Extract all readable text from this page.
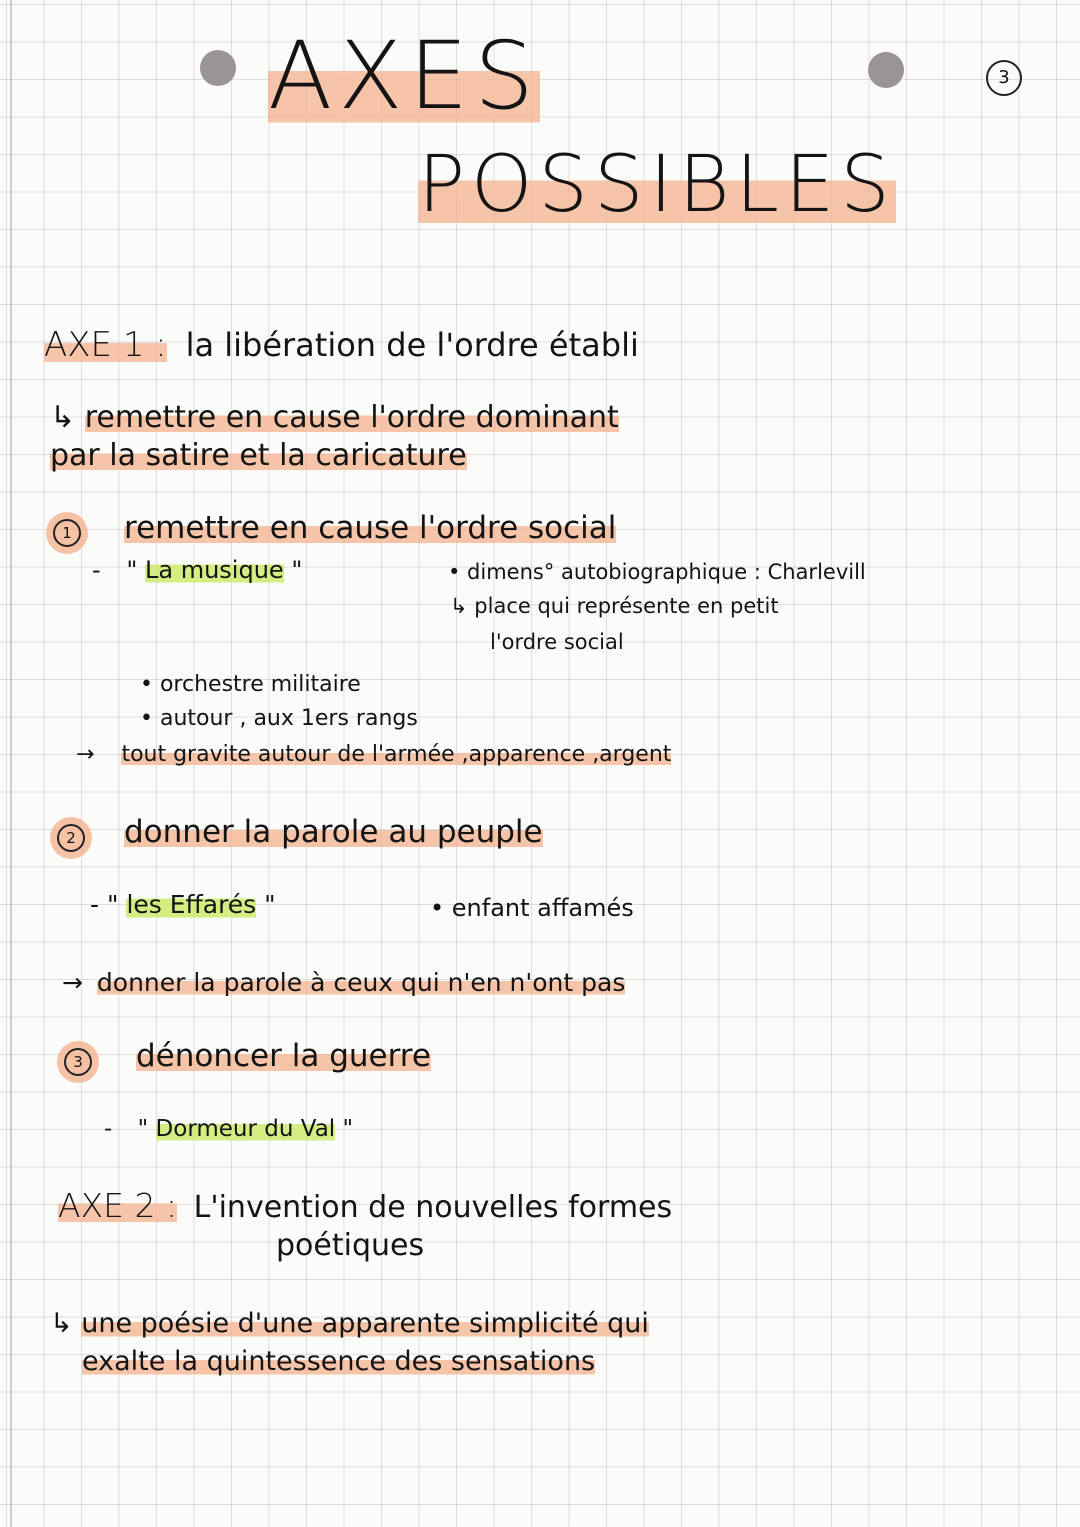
3
AXES
POSSIBLES
AXE 1 : la libération de l'ordre établi
↳ remettre en cause l'ordre dominant
par la satire et la caricature
1 remettre en cause l'ordre social
- " La musique "	• dimens° autobiographique : Charlevill
↳ place qui représente en petit
l'ordre social
• orchestre militaire
• autour , aux 1ers rangs
→ tout gravite autour de l'armée ,apparence ,argent
2 donner la parole au peuple
- " les Effarés "	• enfant affamés
→ donner la parole à ceux qui n'en n'ont pas
3 dénoncer la guerre
- " Dormeur du Val "
AXE 2 : L'invention de nouvelles formes
poétiques
↳ une poésie d'une apparente simplicité qui
exalte la quintessence des sensations
